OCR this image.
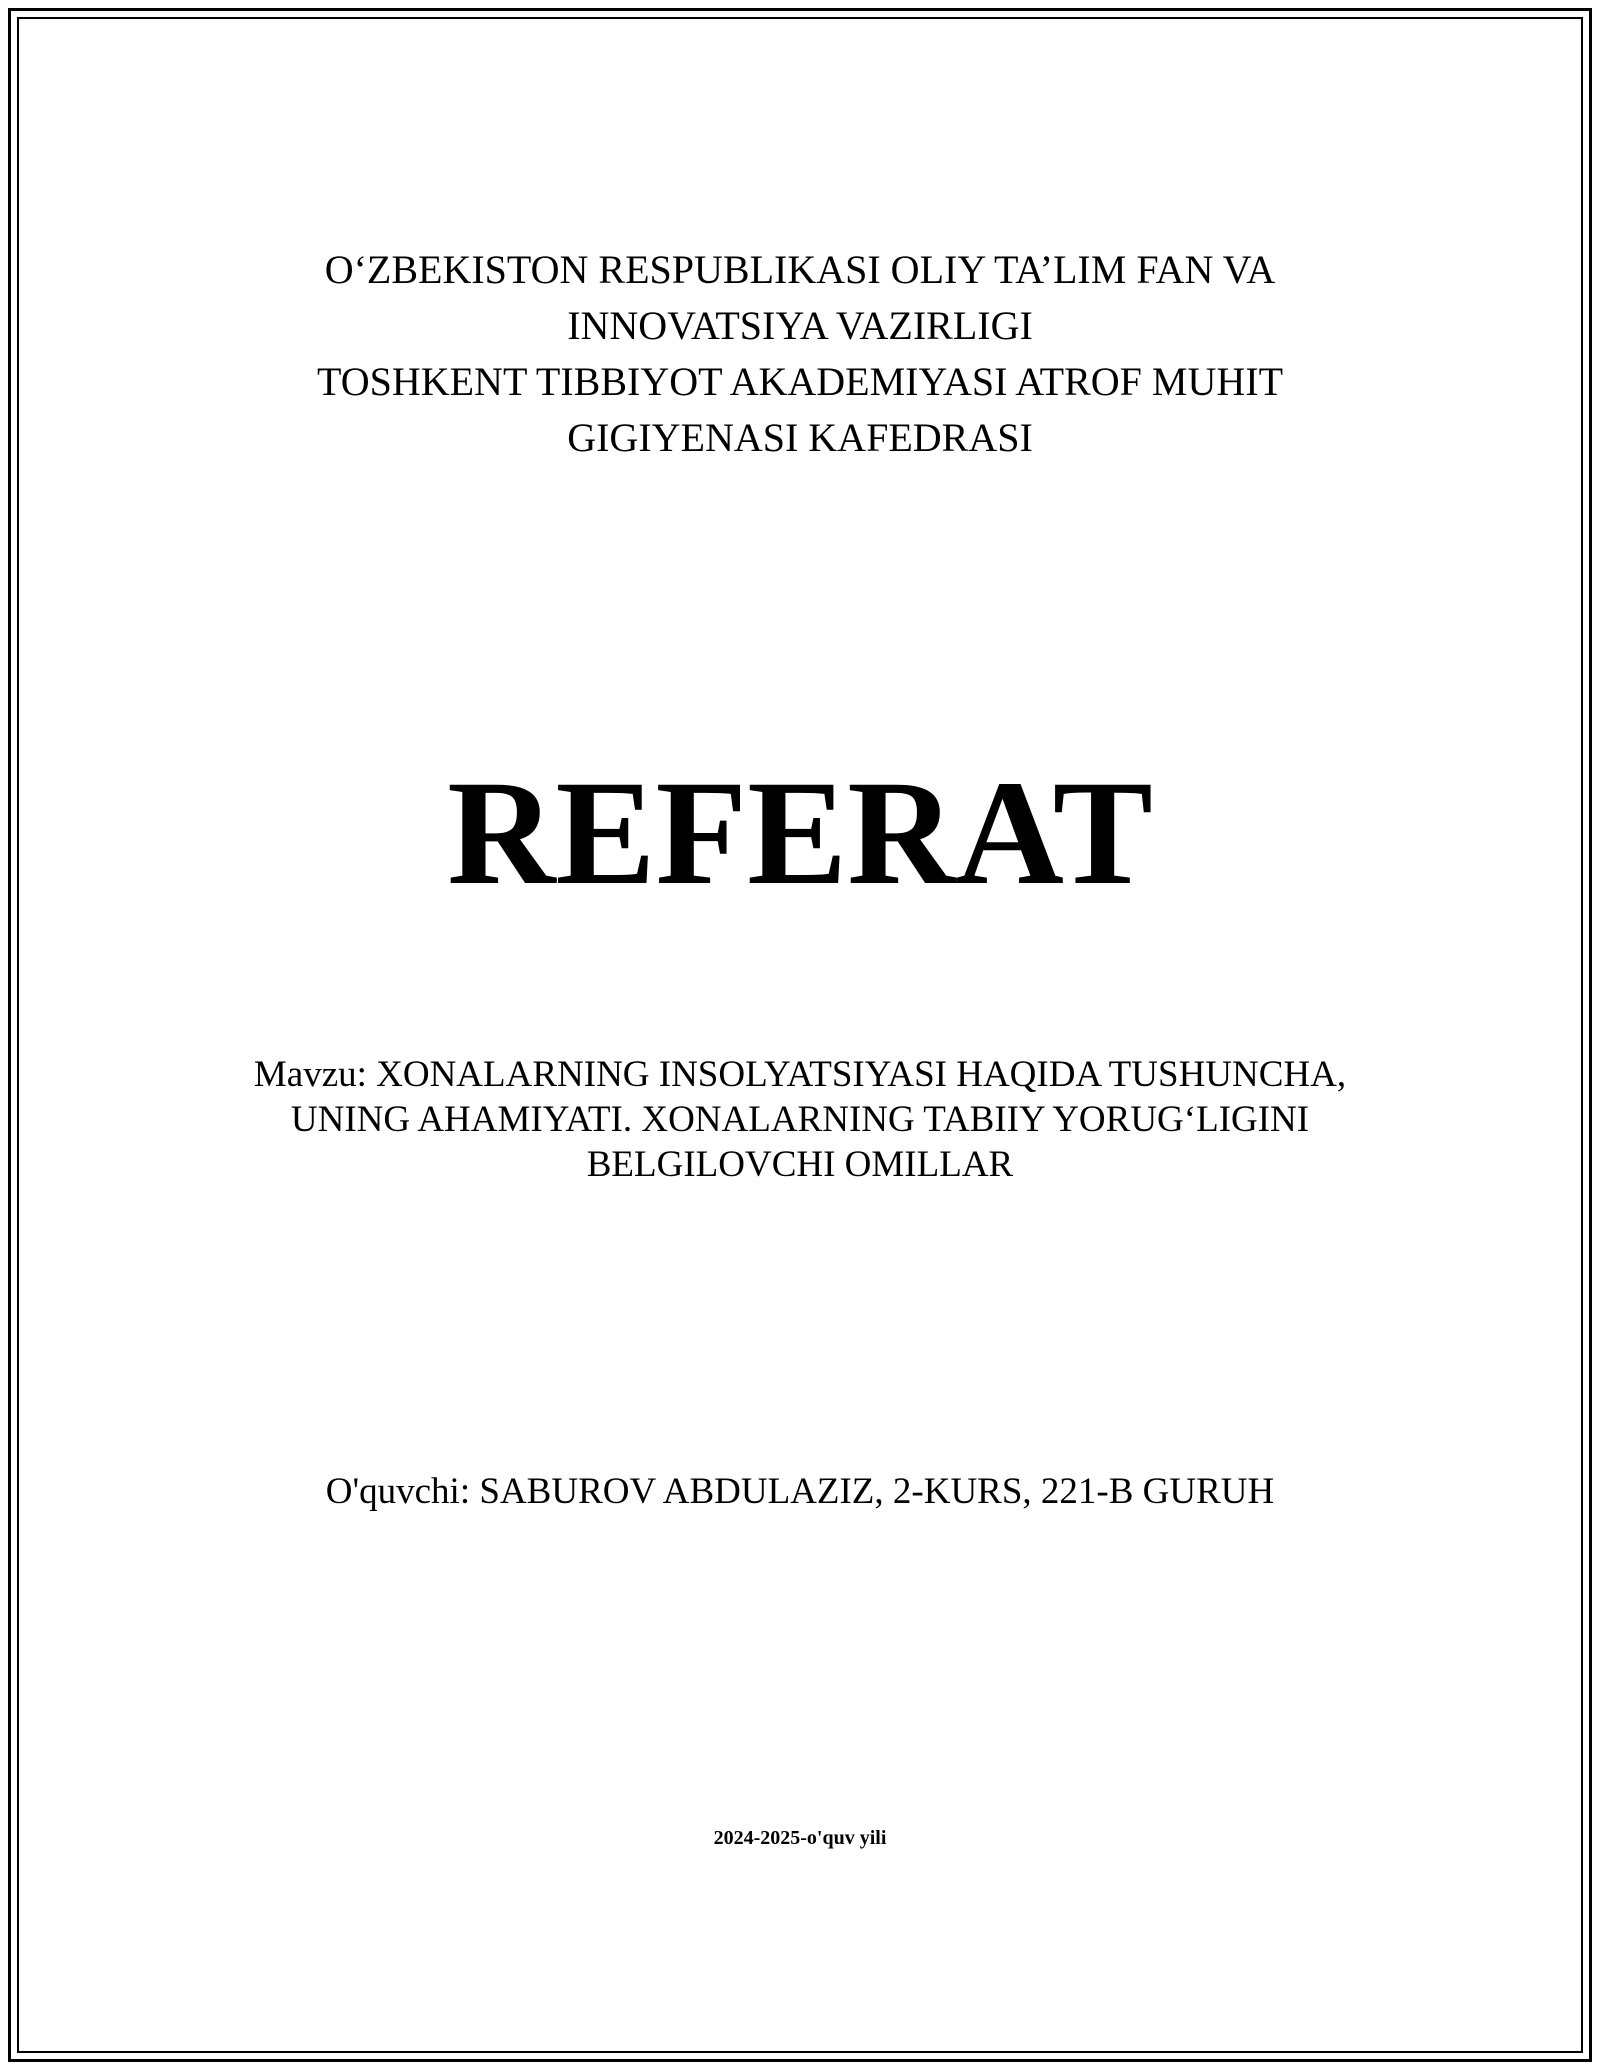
O‘ZBEKISTON RESPUBLIKASI OLIY TA’LIM FAN VA
INNOVATSIYA VAZIRLIGI
TOSHKENT TIBBIYOT AKADEMIYASI ATROF MUHIT
GIGIYENASI KAFEDRASI
REFERAT
Mavzu: XONALARNING INSOLYATSIYASI HAQIDA TUSHUNCHA,
UNING AHAMIYATI. XONALARNING TABIIY YORUG‘LIGINI
BELGILOVCHI OMILLAR
O'quvchi: SABUROV ABDULAZIZ, 2-KURS, 221-B GURUH
2024-2025-o'quv yili
